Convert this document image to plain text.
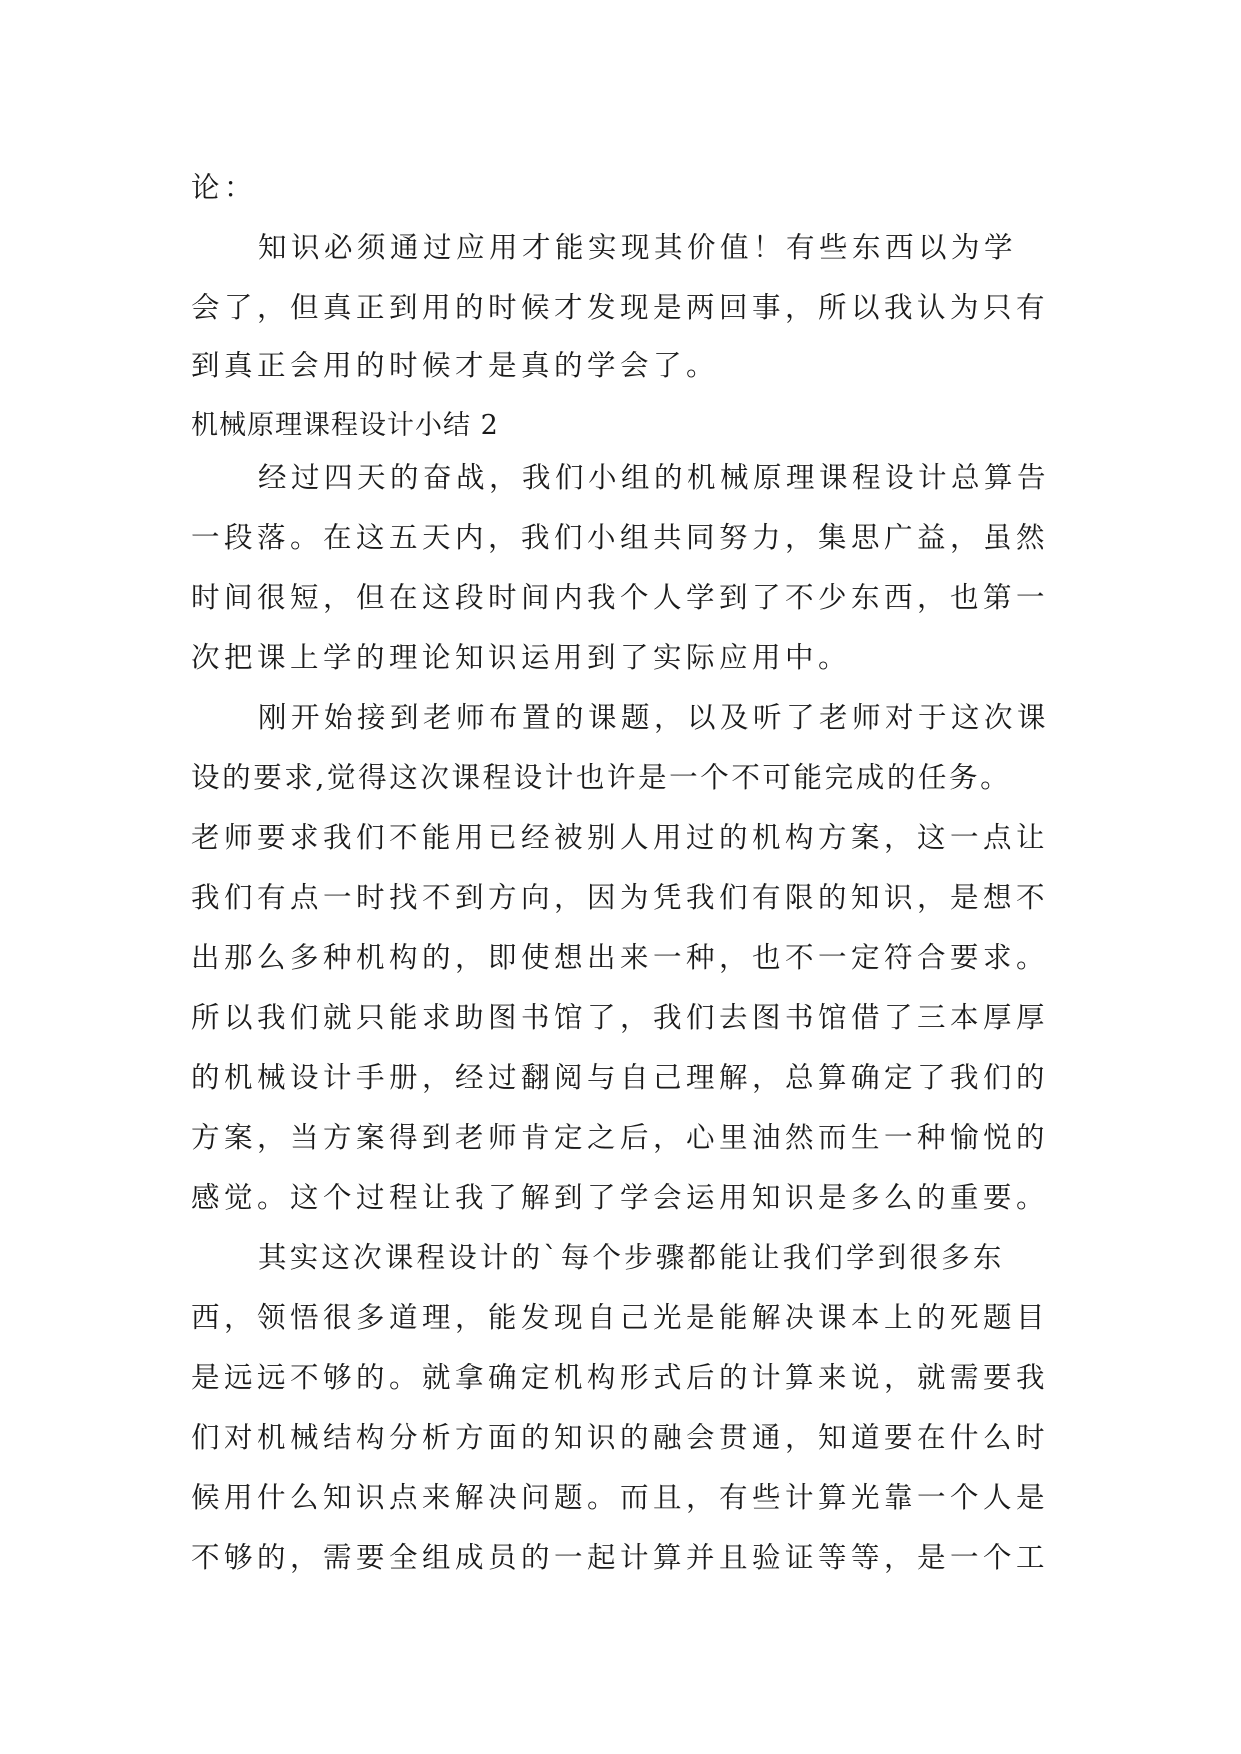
论：

知识必须通过应用才能实现其价值！有些东西以为学

会了，但真正到用的时候才发现是两回事，所以我认为只有

到真正会用的时候才是真的学会了。

机械原理课程设计小结 2

经过四天的奋战，我们小组的机械原理课程设计总算告

一段落。在这五天内，我们小组共同努力，集思广益，虽然

时间很短，但在这段时间内我个人学到了不少东西，也第一

次把课上学的理论知识运用到了实际应用中。

刚开始接到老师布置的课题，以及听了老师对于这次课

设的要求,觉得这次课程设计也许是一个不可能完成的任务。

老师要求我们不能用已经被别人用过的机构方案，这一点让

我们有点一时找不到方向，因为凭我们有限的知识，是想不

出那么多种机构的，即使想出来一种，也不一定符合要求。

所以我们就只能求助图书馆了，我们去图书馆借了三本厚厚

的机械设计手册，经过翻阅与自己理解，总算确定了我们的

方案，当方案得到老师肯定之后，心里油然而生一种愉悦的

感觉。这个过程让我了解到了学会运用知识是多么的重要。

其实这次课程设计的`每个步骤都能让我们学到很多东

西，领悟很多道理，能发现自己光是能解决课本上的死题目

是远远不够的。就拿确定机构形式后的计算来说，就需要我

们对机械结构分析方面的知识的融会贯通，知道要在什么时

候用什么知识点来解决问题。而且，有些计算光靠一个人是

不够的，需要全组成员的一起计算并且验证等等，是一个工
